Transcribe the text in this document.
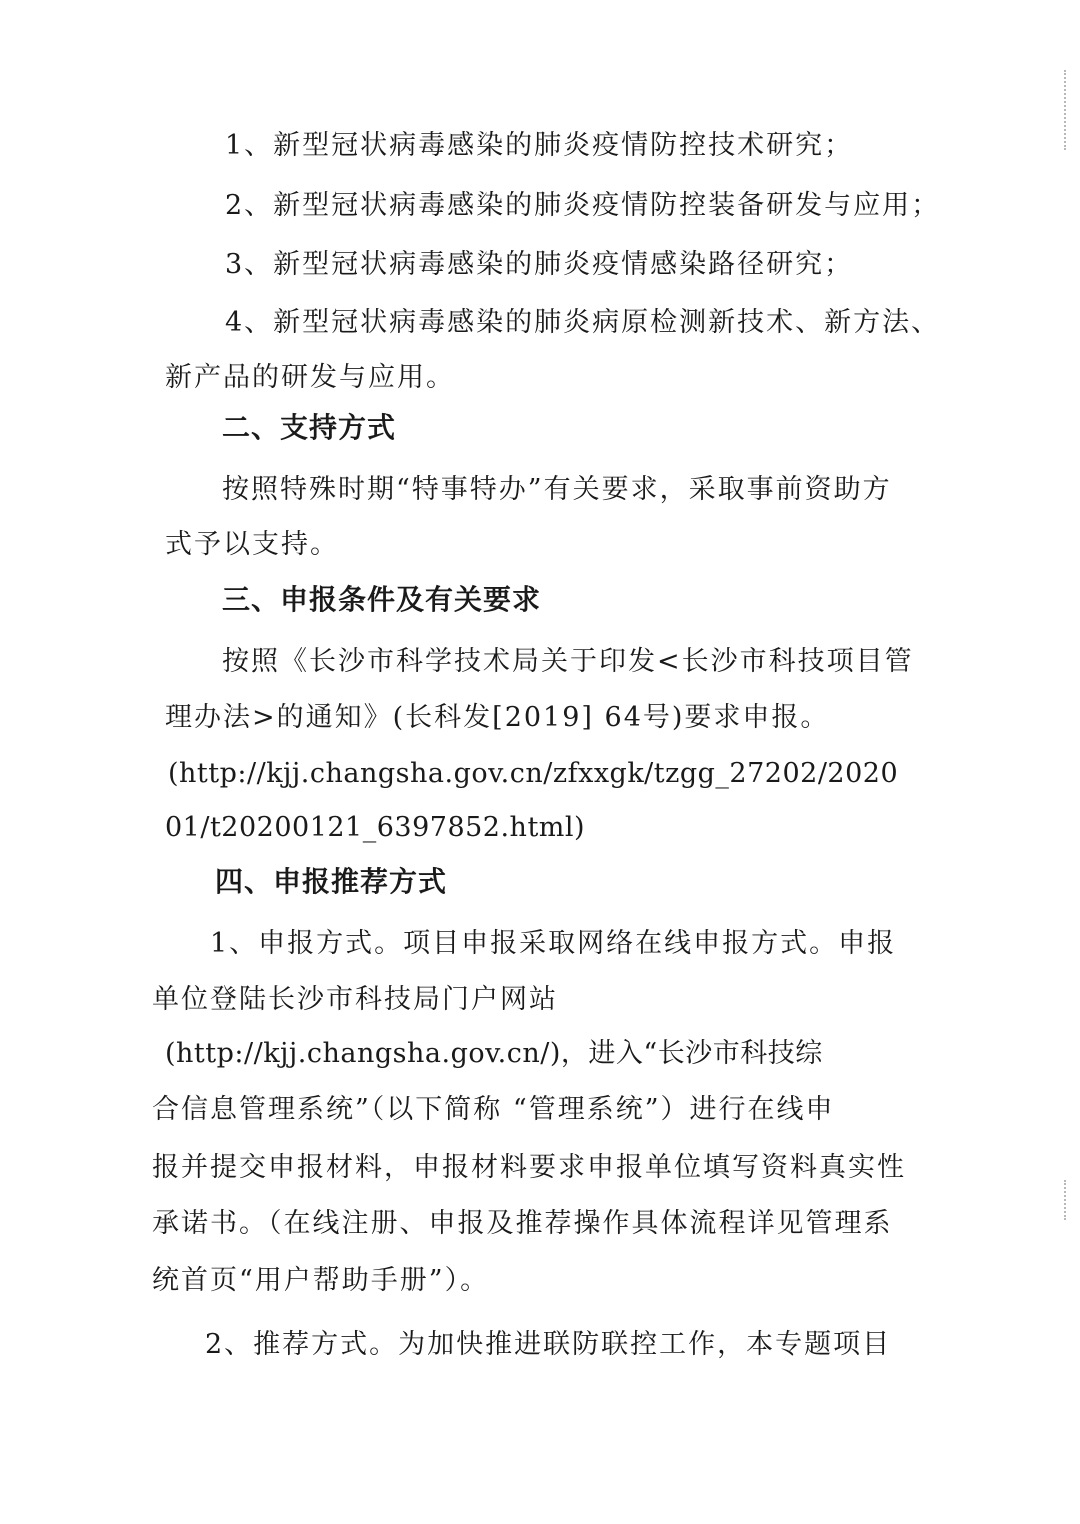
1、新型冠状病毒感染的肺炎疫情防控技术研究；
2、新型冠状病毒感染的肺炎疫情防控装备研发与应用；
3、新型冠状病毒感染的肺炎疫情感染路径研究；
4、新型冠状病毒感染的肺炎病原检测新技术、新方法、
新产品的研发与应用。
二、支持方式
按照特殊时期“特事特办”有关要求，采取事前资助方
式予以支持。
三、申报条件及有关要求
按照《长沙市科学技术局关于印发<长沙市科技项目管
理办法>的通知》(长科发[2019] 64号)要求申报。
(http://kjj.changsha.gov.cn/zfxxgk/tzgg_27202/2020
01/t20200121_6397852.html)
四、申报推荐方式
1、申报方式。项目申报采取网络在线申报方式。申报
单位登陆长沙市科技局门户网站
(http://kjj.changsha.gov.cn/)，进入“长沙市科技综
合信息管理系统”（以下简称 “管理系统”）进行在线申
报并提交申报材料，申报材料要求申报单位填写资料真实性
承诺书。（在线注册、申报及推荐操作具体流程详见管理系
统首页“用户帮助手册”）。
2、推荐方式。为加快推进联防联控工作，本专题项目
